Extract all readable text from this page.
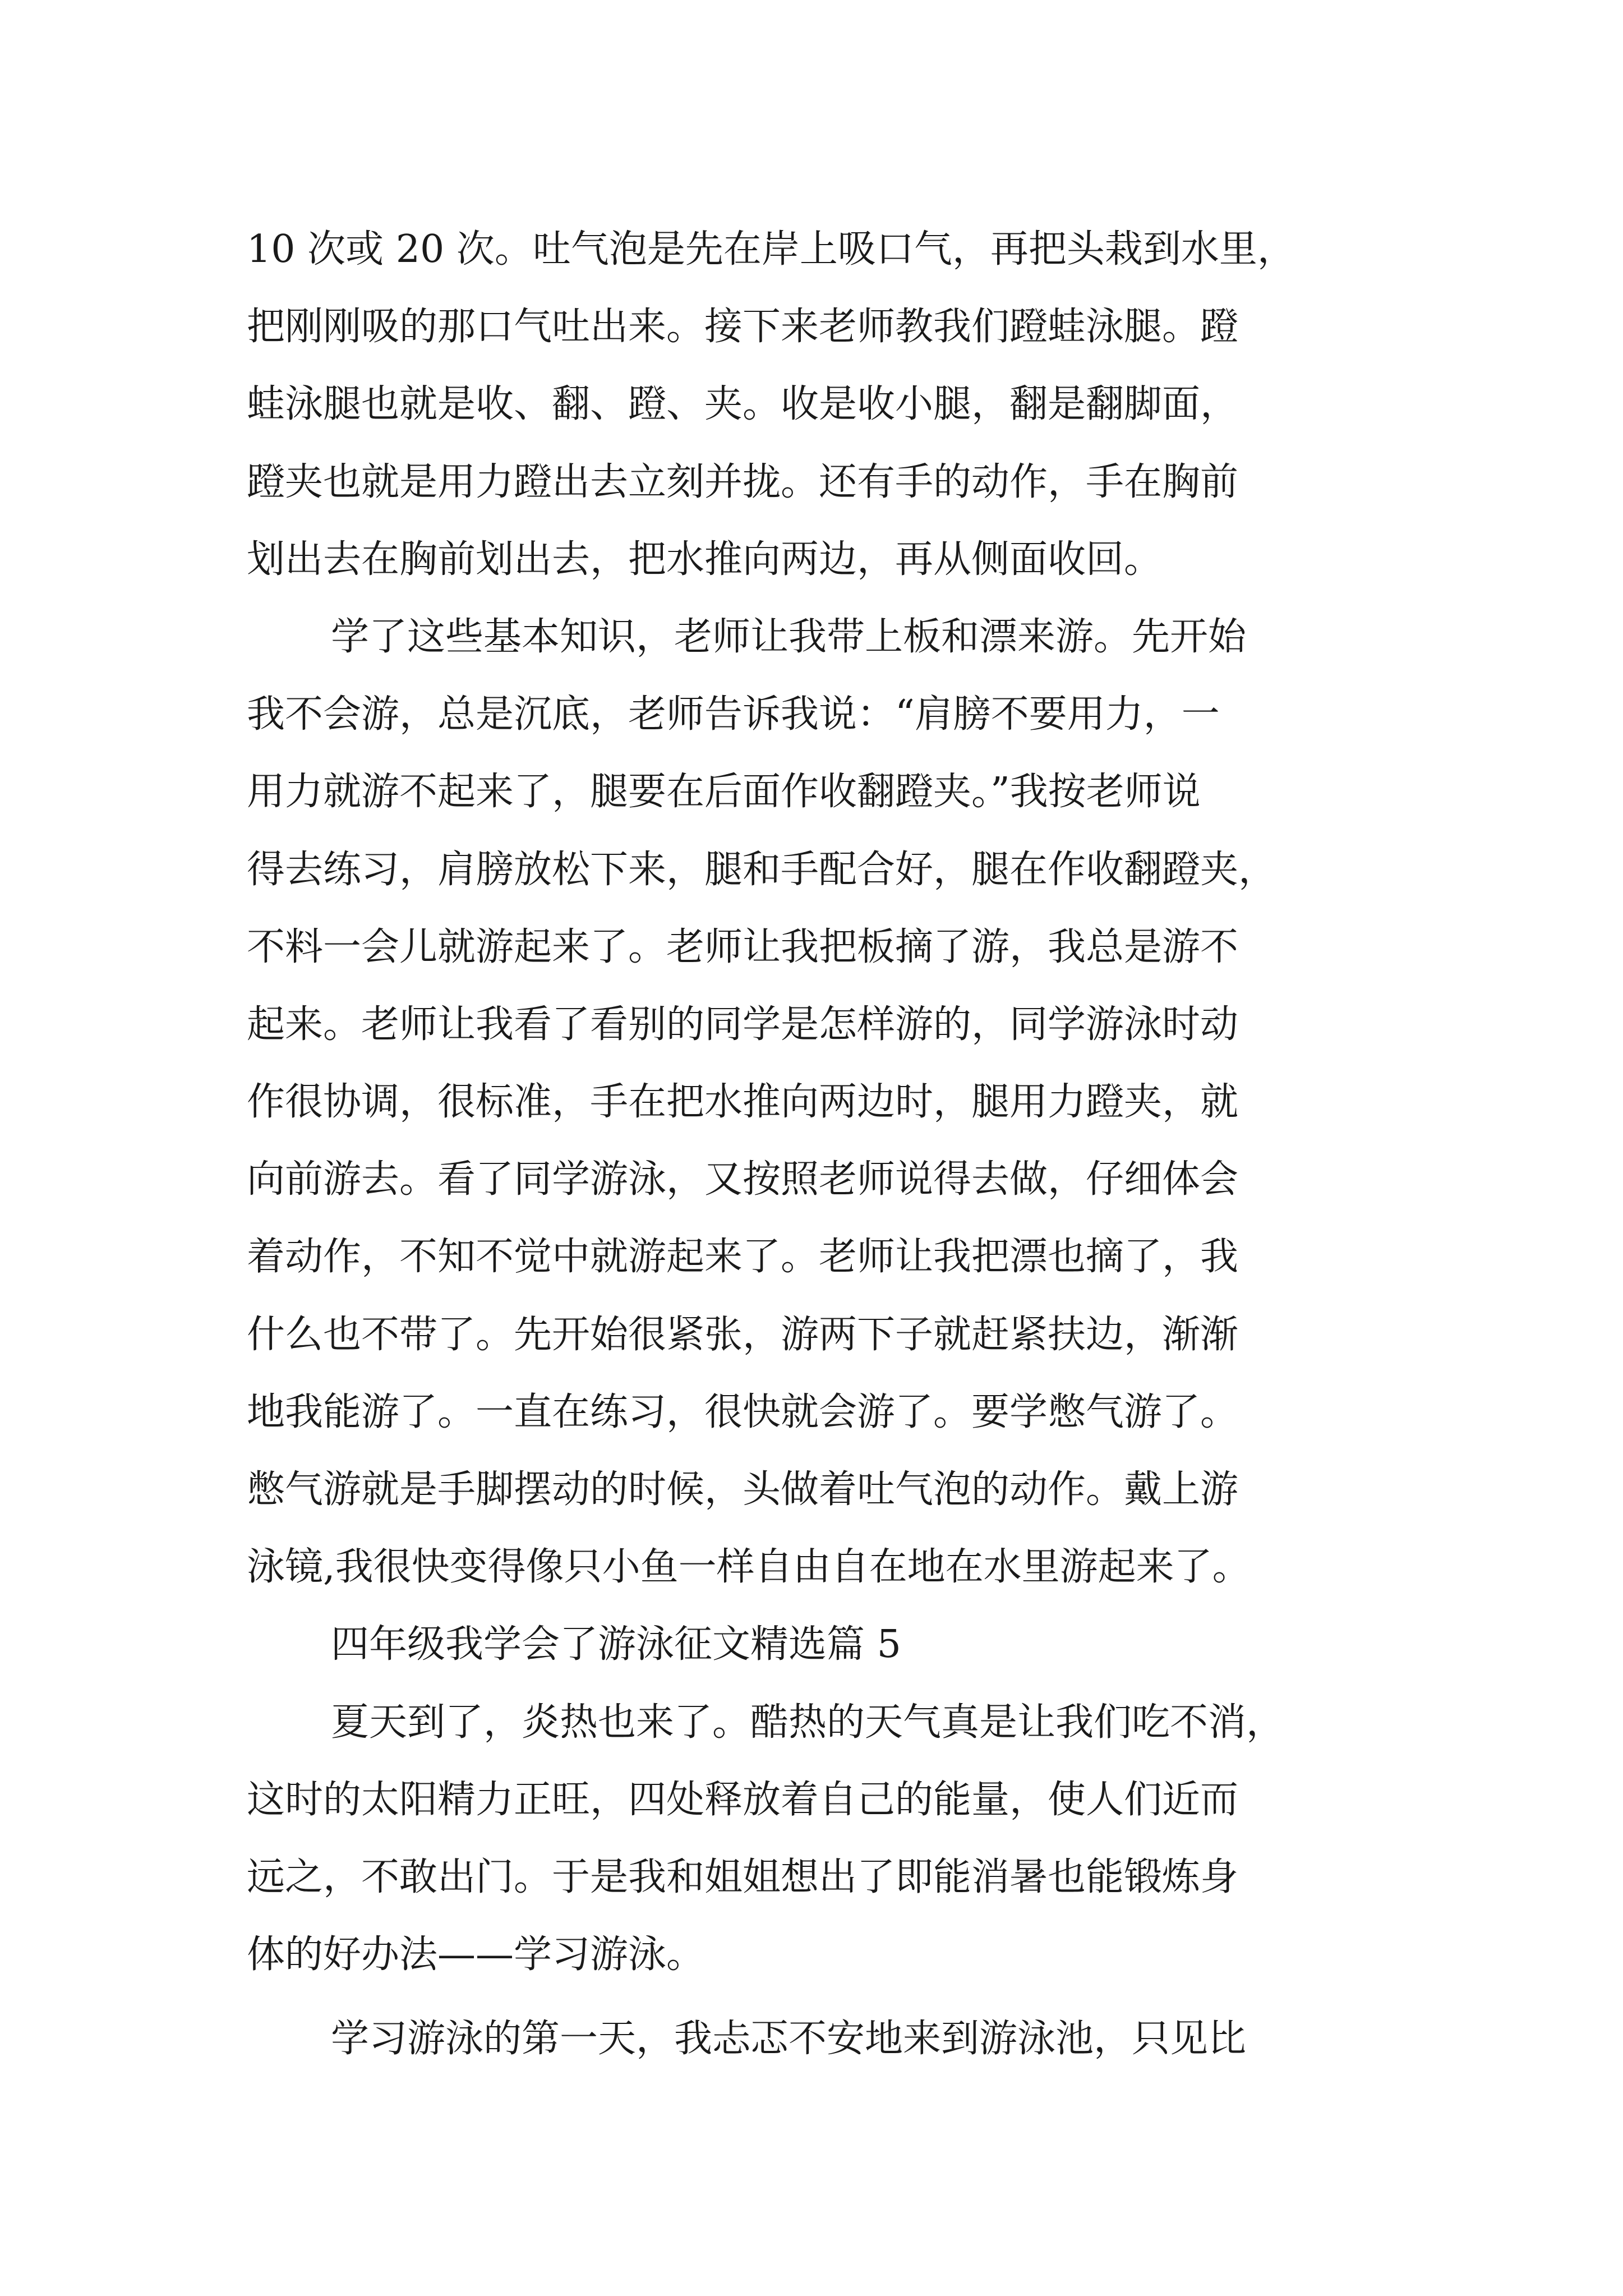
10 次或 20 次。吐气泡是先在岸上吸口气，再把头栽到水里，
把刚刚吸的那口气吐出来。接下来老师教我们蹬蛙泳腿。蹬
蛙泳腿也就是收、翻、蹬、夹。收是收小腿，翻是翻脚面，
蹬夹也就是用力蹬出去立刻并拢。还有手的动作，手在胸前
划出去在胸前划出去，把水推向两边，再从侧面收回。
学了这些基本知识，老师让我带上板和漂来游。先开始
我不会游，总是沉底，老师告诉我说：“肩膀不要用力，一
用力就游不起来了，腿要在后面作收翻蹬夹。”我按老师说
得去练习，肩膀放松下来，腿和手配合好，腿在作收翻蹬夹，
不料一会儿就游起来了。老师让我把板摘了游，我总是游不
起来。老师让我看了看别的同学是怎样游的，同学游泳时动
作很协调，很标准，手在把水推向两边时，腿用力蹬夹，就
向前游去。看了同学游泳，又按照老师说得去做，仔细体会
着动作，不知不觉中就游起来了。老师让我把漂也摘了，我
什么也不带了。先开始很紧张，游两下子就赶紧扶边，渐渐
地我能游了。一直在练习，很快就会游了。要学憋气游了。
憋气游就是手脚摆动的时候，头做着吐气泡的动作。戴上游
泳镜,我很快变得像只小鱼一样自由自在地在水里游起来了。
四年级我学会了游泳征文精选篇 5
夏天到了，炎热也来了。酷热的天气真是让我们吃不消，
这时的太阳精力正旺，四处释放着自己的能量，使人们近而
远之，不敢出门。于是我和姐姐想出了即能消暑也能锻炼身
体的好办法——学习游泳。
学习游泳的第一天，我忐忑不安地来到游泳池，只见比
